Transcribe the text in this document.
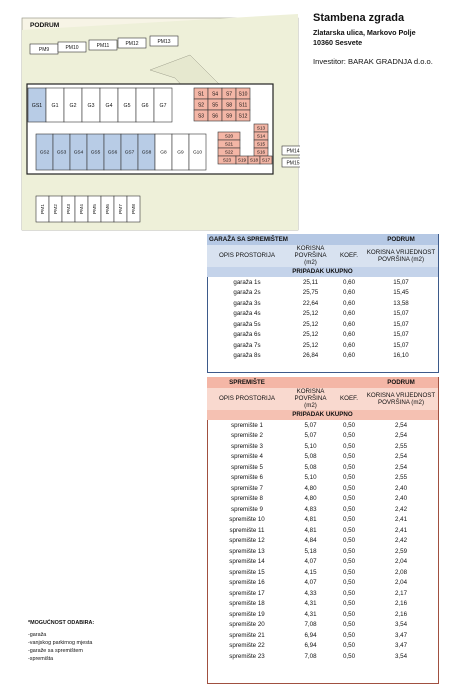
PM9	PM10	PM11	PM12	PM13
GS1 G1 G2 G3 G4 G5 G6 G7
GS2 GS3 GS4 GS5 GS6 GS7 GS8 G8 G9 G10
S1 S4 S7 S10
S2 S5 S8 S11
S3 S6 S9 S12
S13
S20	S14
S21	S15
S22	S16
S23 S19 S18 S17
PM14
PM15
PM1 PM2 PM3 PM4 PM5 PM6 PM7 PM8
PODRUM
Stambena zgrada
Zlatarska ulica, Markovo Polje
10360 Sesvete
Investitor: BARAK GRADNJA d.o.o.
GARAŽA SA SPREMIŠTEM			PODRUM
OPIS PROSTORIJA	KORISNA POVRŠINA (m2)	KOEF.	KORISNA VRIJEDNOST POVRŠINA (m2)
PRIPADAK UKUPNO			
garaža 1s	25,11	0,60	15,07
garaža 2s	25,75	0,60	15,45
garaža 3s	22,64	0,60	13,58
garaža 4s	25,12	0,60	15,07
garaža 5s	25,12	0,60	15,07
garaža 6s	25,12	0,60	15,07
garaža 7s	25,12	0,60	15,07
garaža 8s	26,84	0,60	16,10
SPREMIŠTE			PODRUM
OPIS PROSTORIJA	KORISNA POVRŠINA (m2)	KOEF.	KORISNA VRIJEDNOST POVRŠINA (m2)
PRIPADAK UKUPNO			
spremište 1	5,07	0,50	2,54
spremište 2	5,07	0,50	2,54
spremište 3	5,10	0,50	2,55
spremište 4	5,08	0,50	2,54
spremište 5	5,08	0,50	2,54
spremište 6	5,10	0,50	2,55
spremište 7	4,80	0,50	2,40
spremište 8	4,80	0,50	2,40
spremište 9	4,83	0,50	2,42
spremište 10	4,81	0,50	2,41
spremište 11	4,81	0,50	2,41
spremište 12	4,84	0,50	2,42
spremište 13	5,18	0,50	2,59
spremište 14	4,07	0,50	2,04
spremište 15	4,15	0,50	2,08
spremište 16	4,07	0,50	2,04
spremište 17	4,33	0,50	2,17
spremište 18	4,31	0,50	2,16
spremište 19	4,31	0,50	2,16
spremište 20	7,08	0,50	3,54
spremište 21	6,94	0,50	3,47
spremište 22	6,94	0,50	3,47
spremište 23	7,08	0,50	3,54
*MOGUĆNOST ODABIRA:
-garaža
-vanjskog parkirnog mjesta
-garaže sa spremištem
-spremišta
